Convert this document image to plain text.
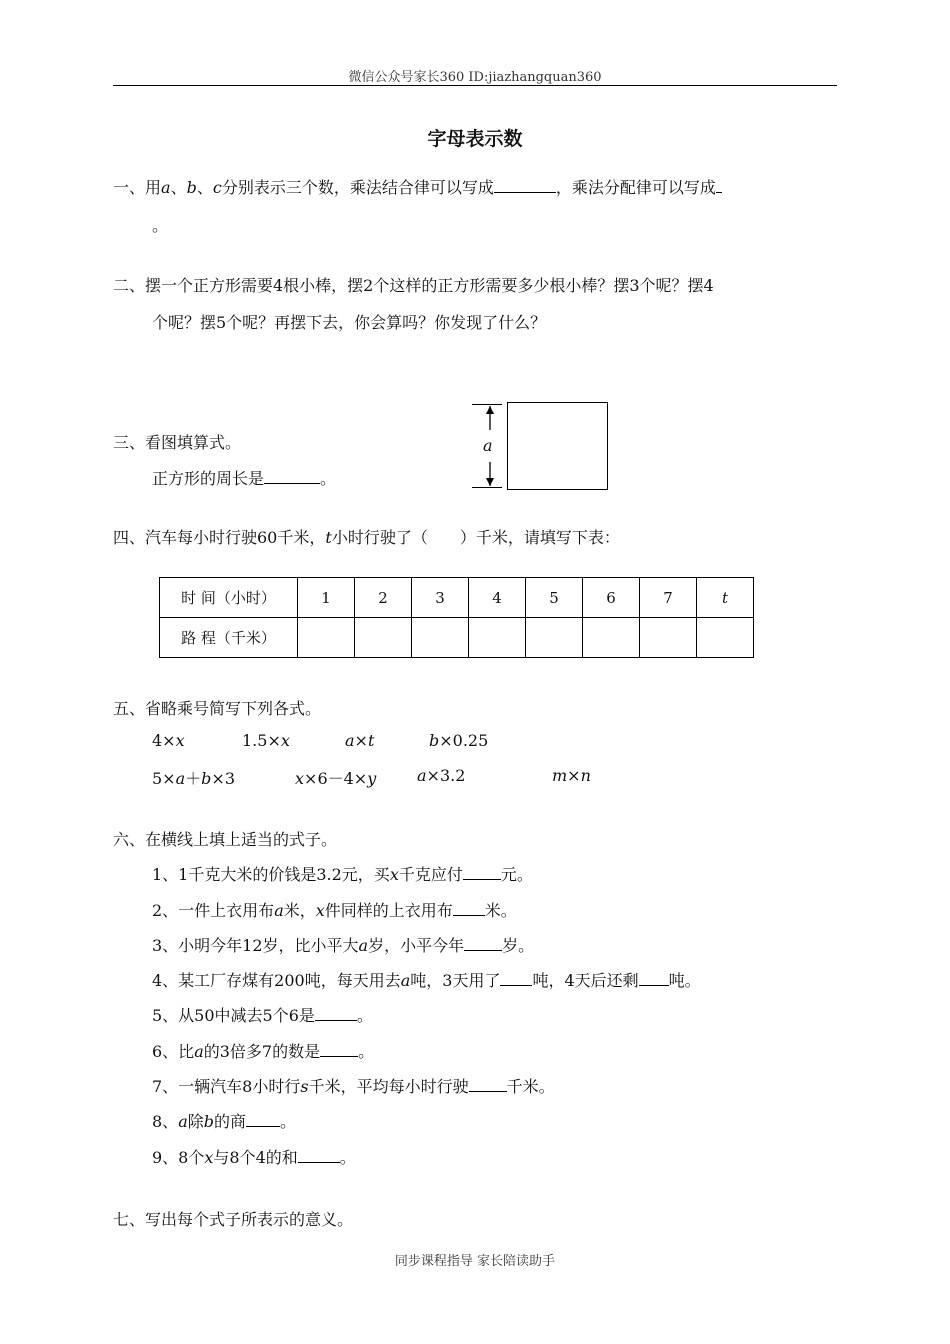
微信公众号家长360 ID:jiazhangquan360
字母表示数
一、用a、b、c分别表示三个数，乘法结合律可以写成	，乘法分配律可以写成
。
二、摆一个正方形需要4根小棒，摆2个这样的正方形需要多少根小棒？摆3个呢？摆4
个呢？摆5个呢？再摆下去，你会算吗？你发现了什么？
三、看图填算式。
正方形的周长是	。
a
四、汽车每小时行驶60千米，t小时行驶了（　　）千米，请填写下表：
时 间（小时）	1	2	3	4	5	6	7	t
路 程（千米）								
五、省略乘号简写下列各式。
4×x	1.5×x	a×t	b×0.25
5×a＋b×3	x×6－4×y	a×3.2	m×n
六、在横线上填上适当的式子。
1、1千克大米的价钱是3.2元，买x千克应付 元。
2、一件上衣用布a米，x件同样的上衣用布 米。
3、小明今年12岁，比小平大a岁，小平今年 岁。
4、某工厂存煤有200吨，每天用去a吨，3天用了 吨，4天后还剩 吨。
5、从50中减去5个6是	。
6、比a的3倍多7的数是 。
7、一辆汽车8小时行s千米，平均每小时行驶 千米。
8、a除b的商 。
9、8个x与8个4的和	。
七、写出每个式子所表示的意义。
同步课程指导 家长陪读助手
